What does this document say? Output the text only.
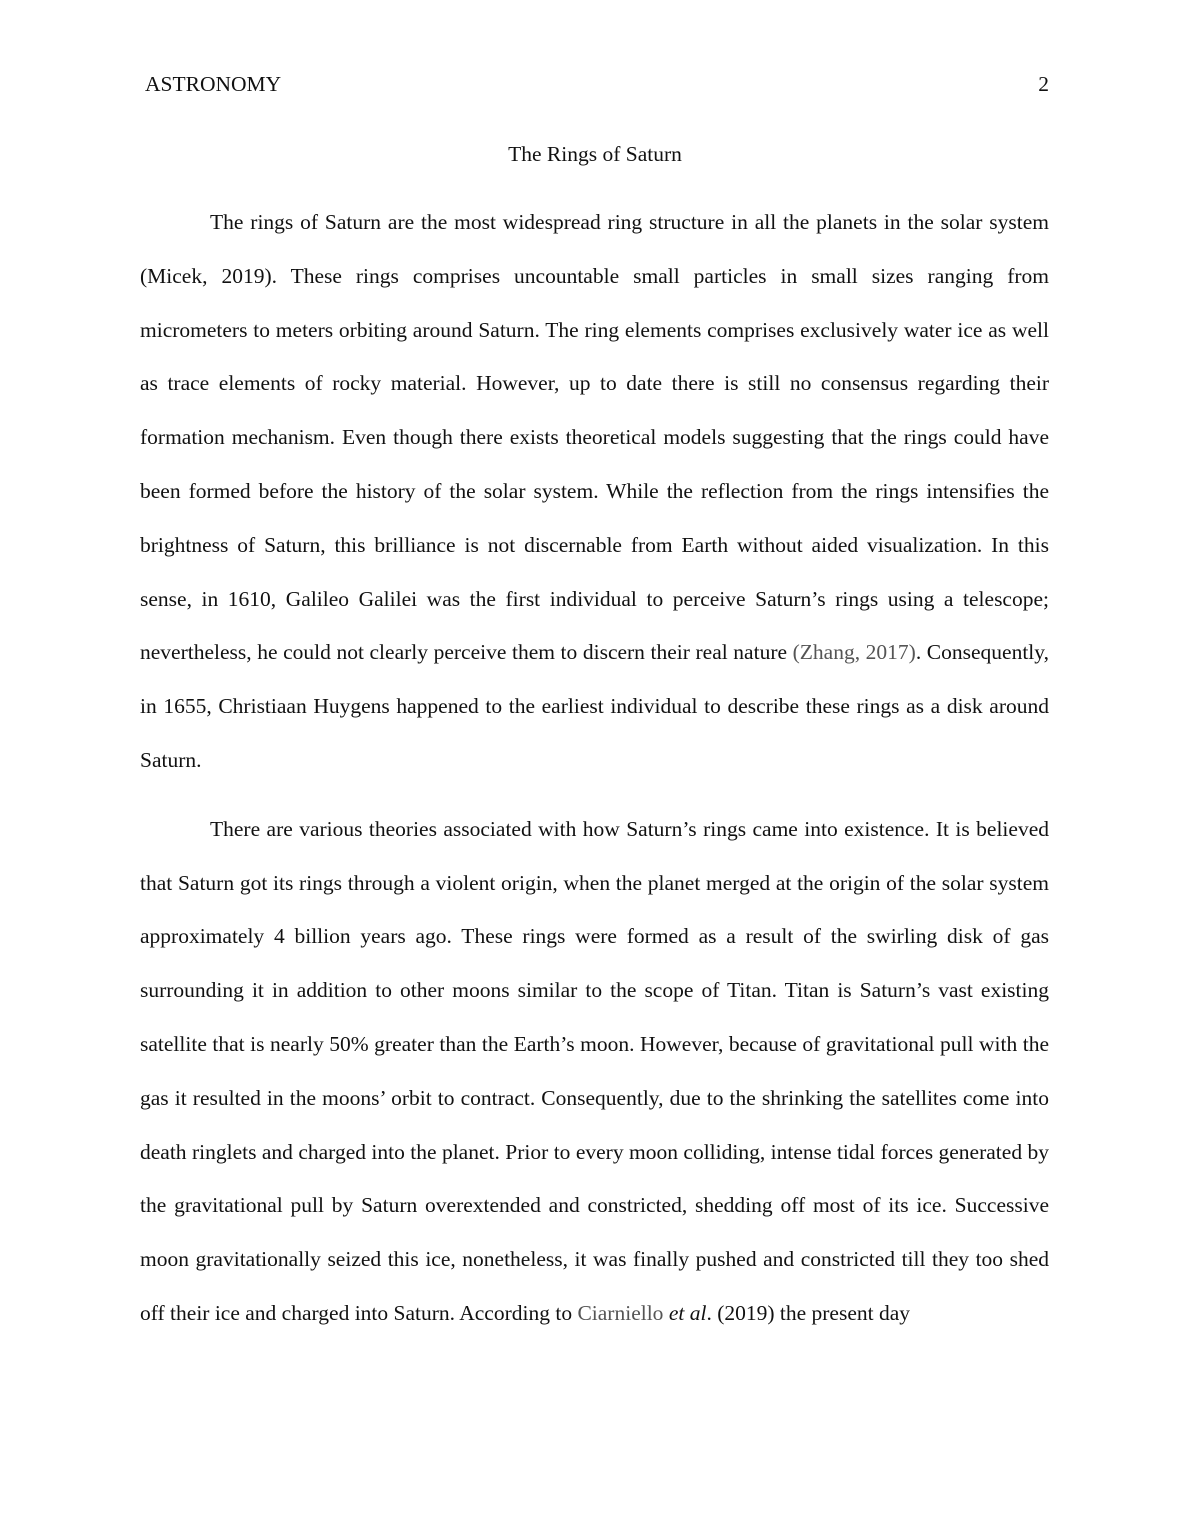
ASTRONOMY	2
The Rings of Saturn

The rings of Saturn are the most widespread ring structure in all the planets in the solar system (Micek, 2019). These rings comprises uncountable small particles in small sizes ranging from micrometers to meters orbiting around Saturn. The ring elements comprises exclusively water ice as well as trace elements of rocky material. However, up to date there is still no consensus regarding their formation mechanism. Even though there exists theoretical models suggesting that the rings could have been formed before the history of the solar system. While the reflection from the rings intensifies the brightness of Saturn, this brilliance is not discernable from Earth without aided visualization. In this sense, in 1610, Galileo Galilei was the first individual to perceive Saturn’s rings using a telescope; nevertheless, he could not clearly perceive them to discern their real nature (Zhang, 2017). Consequently, in 1655, Christiaan Huygens happened to the earliest individual to describe these rings as a disk around Saturn.

There are various theories associated with how Saturn’s rings came into existence. It is believed that Saturn got its rings through a violent origin, when the planet merged at the origin of the solar system approximately 4 billion years ago. These rings were formed as a result of the swirling disk of gas surrounding it in addition to other moons similar to the scope of Titan. Titan is Saturn’s vast existing satellite that is nearly 50% greater than the Earth’s moon. However, because of gravitational pull with the gas it resulted in the moons’ orbit to contract. Consequently, due to the shrinking the satellites come into death ringlets and charged into the planet. Prior to every moon colliding, intense tidal forces generated by the gravitational pull by Saturn overextended and constricted, shedding off most of its ice. Successive moon gravitationally seized this ice, nonetheless, it was finally pushed and constricted till they too shed off their ice and charged into Saturn. According to Ciarniello et al. (2019) the present day
